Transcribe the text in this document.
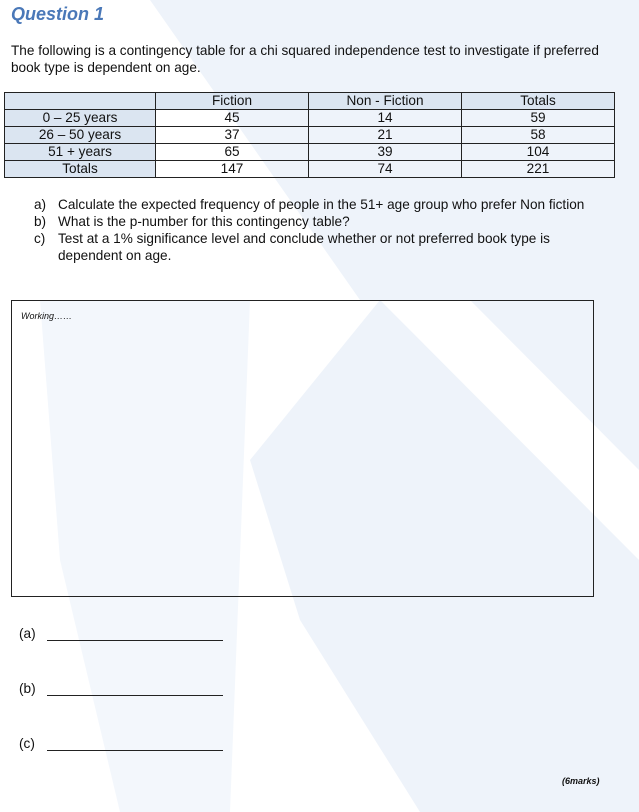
Question 1
The following is a contingency table for a chi squared independence test to investigate if preferred book type is dependent on age.
	Fiction	Non - Fiction	Totals
0 – 25 years	45	14	59
26 – 50 years	37	21	58
51 + years	65	39	104
Totals	147	74	221
a) Calculate the expected frequency of people in the 51+ age group who prefer Non fiction
b) What is the p-number for this contingency table?
c) Test at a 1% significance level and conclude whether or not preferred book type is dependent on age.
Working……
(a)
(b)
(c)
(6marks)
